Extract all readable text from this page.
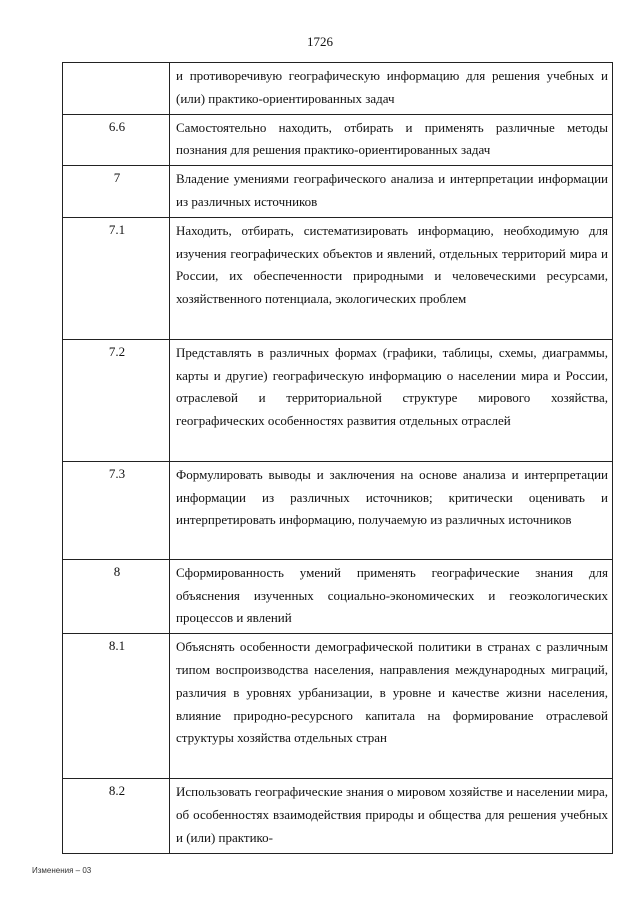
1726
	и противоречивую географическую информацию для решения учебных и (или) практико-ориентированных задач
6.6	Самостоятельно находить, отбирать и применять различные методы познания для решения практико-ориентированных задач
7	Владение умениями географического анализа и интерпретации информации из различных источников
7.1	Находить, отбирать, систематизировать информацию, необходимую для изучения географических объектов и явлений, отдельных территорий мира и России, их обеспеченности природными и человеческими ресурсами, хозяйственного потенциала, экологических проблем
7.2	Представлять в различных формах (графики, таблицы, схемы, диаграммы, карты и другие) географическую информацию о населении мира и России, отраслевой и территориальной структуре мирового хозяйства, географических особенностях развития отдельных отраслей
7.3	Формулировать выводы и заключения на основе анализа и интерпретации информации из различных источников; критически оценивать и интерпретировать информацию, получаемую из различных источников
8	Сформированность умений применять географические знания для объяснения изученных социально-экономических и геоэкологических процессов и явлений
8.1	Объяснять особенности демографической политики в странах с различным типом воспроизводства населения, направления международных миграций, различия в уровнях урбанизации, в уровне и качестве жизни населения, влияние природно-ресурсного капитала на формирование отраслевой структуры хозяйства отдельных стран
8.2	Использовать географические знания о мировом хозяйстве и населении мира, об особенностях взаимодействия природы и общества для решения учебных и (или) практико-
Изменения – 03
